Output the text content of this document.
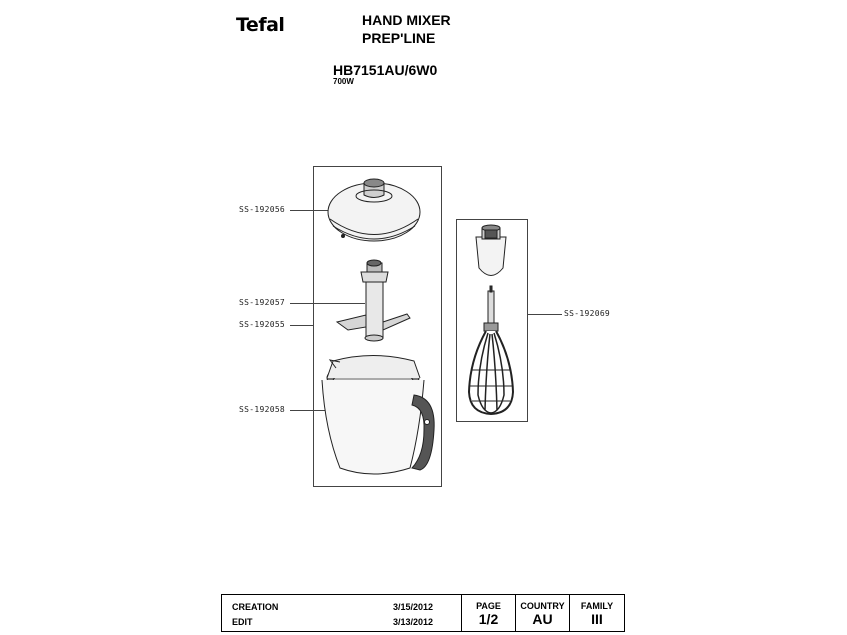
Tefal	HAND MIXER
PREP'LINE
HB7151AU/6W0
700W
SS-192056
SS-192057
SS-192055
SS-192058
SS-192069
CREATION	3/15/2012
EDIT	3/13/2012
PAGE
1/2
COUNTRY
AU
FAMILY
III
